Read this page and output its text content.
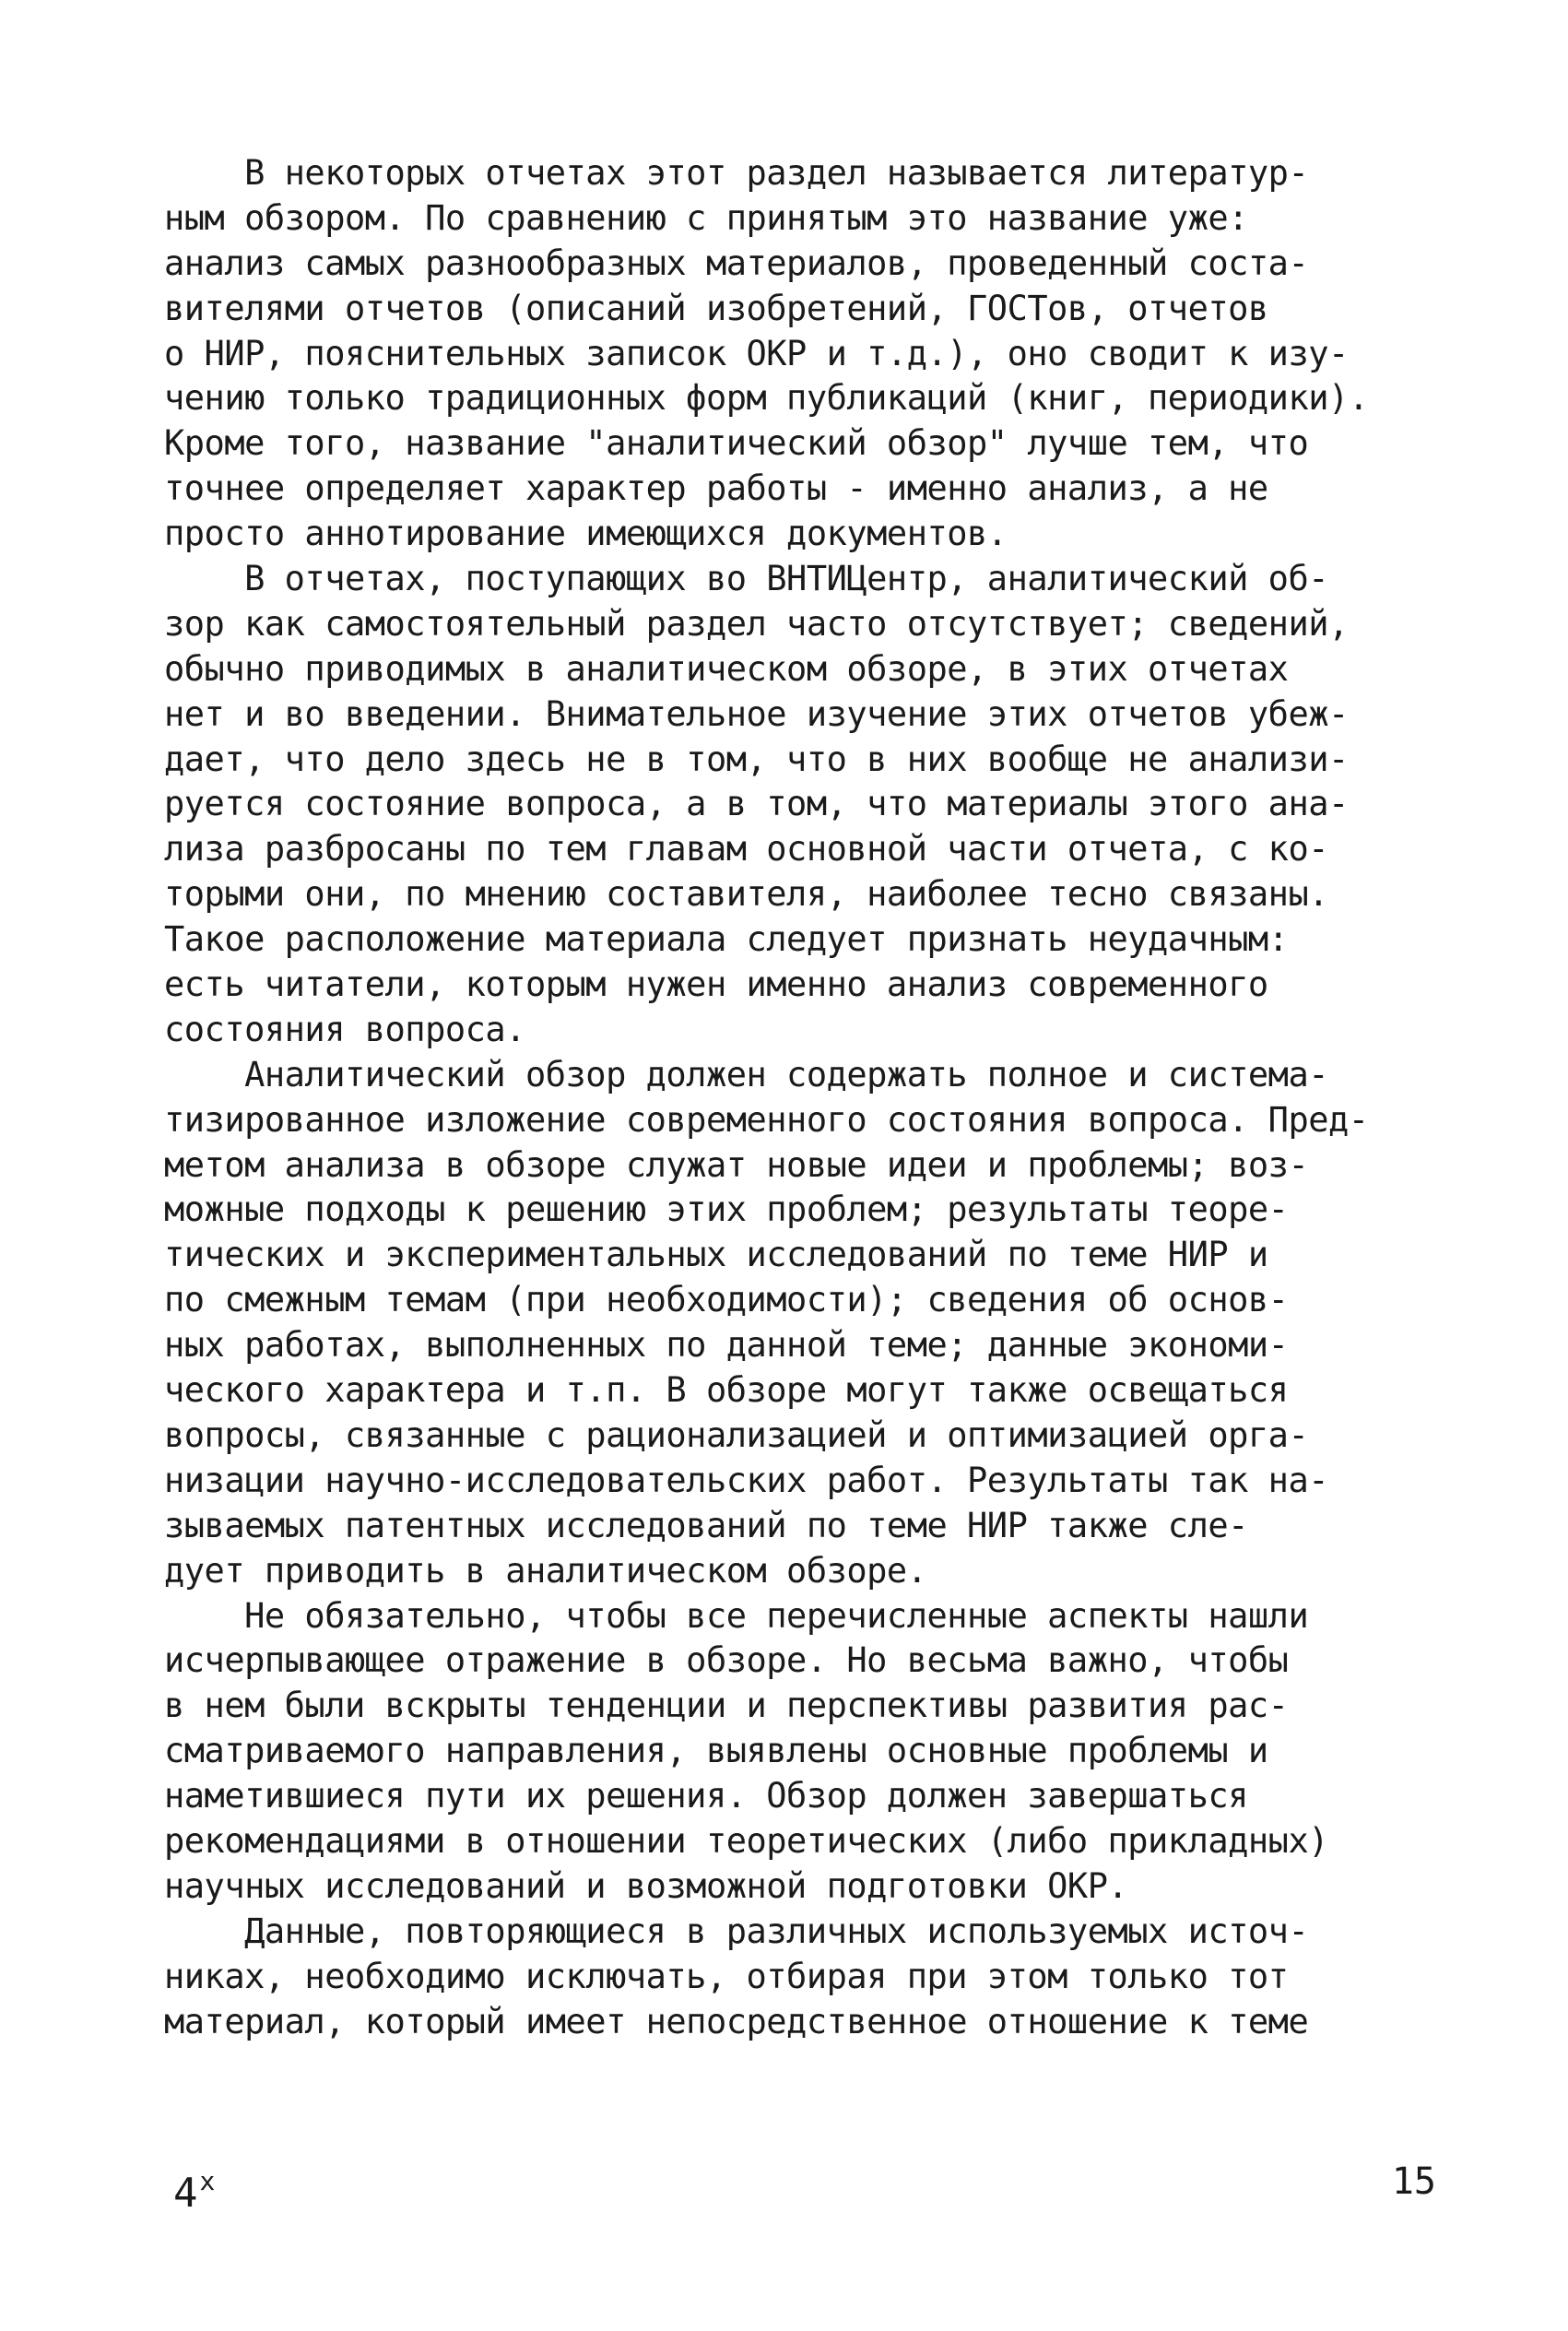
В некоторых отчетах этот раздел называется литератур-
ным обзором. По сравнению с принятым это название уже:
анализ самых разнообразных материалов, проведенный соста-
вителями отчетов (описаний изобретений, ГОСТов, отчетов
о НИР, пояснительных записок ОКР и т.д.), оно сводит к изу-
чению только традиционных форм публикаций (книг, периодики).
Кроме того, название "аналитический обзор" лучше тем, что
точнее определяет характер работы - именно анализ, а не
просто аннотирование имеющихся документов.
В отчетах, поступающих во ВНТИЦентр, аналитический об-
зор как самостоятельный раздел часто отсутствует; сведений,
обычно приводимых в аналитическом обзоре, в этих отчетах
нет и во введении. Внимательное изучение этих отчетов убеж-
дает, что дело здесь не в том, что в них вообще не анализи-
руется состояние вопроса, а в том, что материалы этого ана-
лиза разбросаны по тем главам основной части отчета, с ко-
торыми они, по мнению составителя, наиболее тесно связаны.
Такое расположение материала следует признать неудачным:
есть читатели, которым нужен именно анализ современного
состояния вопроса.
Аналитический обзор должен содержать полное и система-
тизированное изложение современного состояния вопроса. Пред-
метом анализа в обзоре служат новые идеи и проблемы; воз-
можные подходы к решению этих проблем; результаты теоре-
тических и экспериментальных исследований по теме НИР и
по смежным темам (при необходимости); сведения об основ-
ных работах, выполненных по данной теме; данные экономи-
ческого характера и т.п. В обзоре могут также освещаться
вопросы, связанные с рационализацией и оптимизацией орга-
низации научно-исследовательских работ. Результаты так на-
зываемых патентных исследований по теме НИР также сле-
дует приводить в аналитическом обзоре.
Не обязательно, чтобы все перечисленные аспекты нашли
исчерпывающее отражение в обзоре. Но весьма важно, чтобы
в нем были вскрыты тенденции и перспективы развития рас-
сматриваемого направления, выявлены основные проблемы и
наметившиеся пути их решения. Обзор должен завершаться
рекомендациями в отношении теоретических (либо прикладных)
научных исследований и возможной подготовки ОКР.
Данные, повторяющиеся в различных используемых источ-
никах, необходимо исключать, отбирая при этом только тот
материал, который имеет непосредственное отношение к теме
4$^x$	15
